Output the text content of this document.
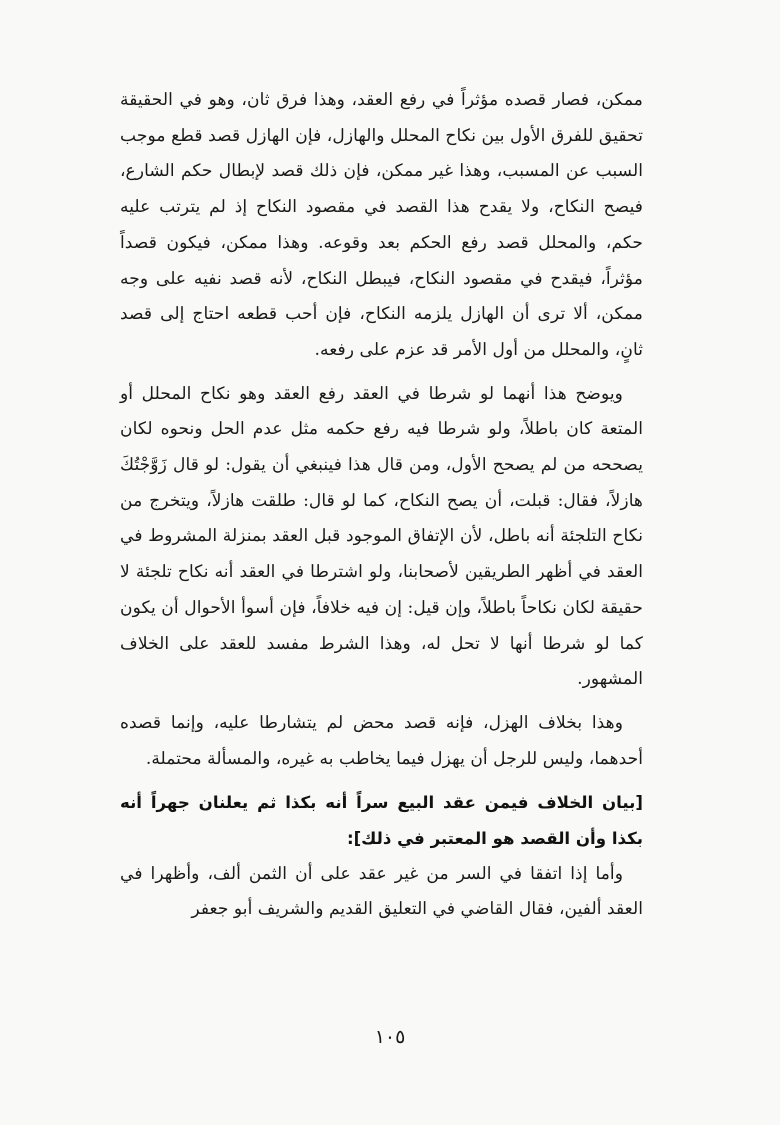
ممكن، فصار قصده مؤثراً في رفع العقد، وهذا فرق ثان، وهو في الحقيقة تحقيق للفرق الأول بين نكاح المحلل والهازل، فإن الهازل قصد قطع موجب السبب عن المسبب، وهذا غير ممكن، فإن ذلك قصد لإبطال حكم الشارع، فيصح النكاح، ولا يقدح هذا القصد في مقصود النكاح إذ لم يترتب عليه حكم، والمحلل قصد رفع الحكم بعد وقوعه. وهذا ممكن، فيكون قصداً مؤثراً، فيقدح في مقصود النكاح، فيبطل النكاح، لأنه قصد نفيه على وجه ممكن، ألا ترى أن الهازل يلزمه النكاح، فإن أحب قطعه احتاج إلى قصد ثانٍ، والمحلل من أول الأمر قد عزم على رفعه.

ويوضح هذا أنهما لو شرطا في العقد رفع العقد وهو نكاح المحلل أو المتعة كان باطلاً، ولو شرطا فيه رفع حكمه مثل عدم الحل ونحوه لكان يصححه من لم يصحح الأول، ومن قال هذا فينبغي أن يقول: لو قال زَوَّجْتُكَ هازلاً، فقال: قبلت، أن يصح النكاح، كما لو قال: طلقت هازلاً، ويتخرج من نكاح التلجئة أنه باطل، لأن الإتفاق الموجود قبل العقد بمنزلة المشروط في العقد في أظهر الطريقين لأصحابنا، ولو اشترطا في العقد أنه نكاح تلجئة لا حقيقة لكان نكاحاً باطلاً، وإن قيل: إن فيه خلافاً، فإن أسوأ الأحوال أن يكون كما لو شرطا أنها لا تحل له، وهذا الشرط مفسد للعقد على الخلاف المشهور.

وهذا بخلاف الهزل، فإنه قصد محض لم يتشارطا عليه، وإنما قصده أحدهما، وليس للرجل أن يهزل فيما يخاطب به غيره، والمسألة محتملة.

[بيان الخلاف فيمن عقد البيع سراً أنه بكذا ثم يعلنان جهراً أنه بكذا وأن القصد هو المعتبر في ذلك]:

وأما إذا اتفقا في السر من غير عقد على أن الثمن ألف، وأظهرا في العقد ألفين، فقال القاضي في التعليق القديم والشريف أبو جعفر

١٠٥
